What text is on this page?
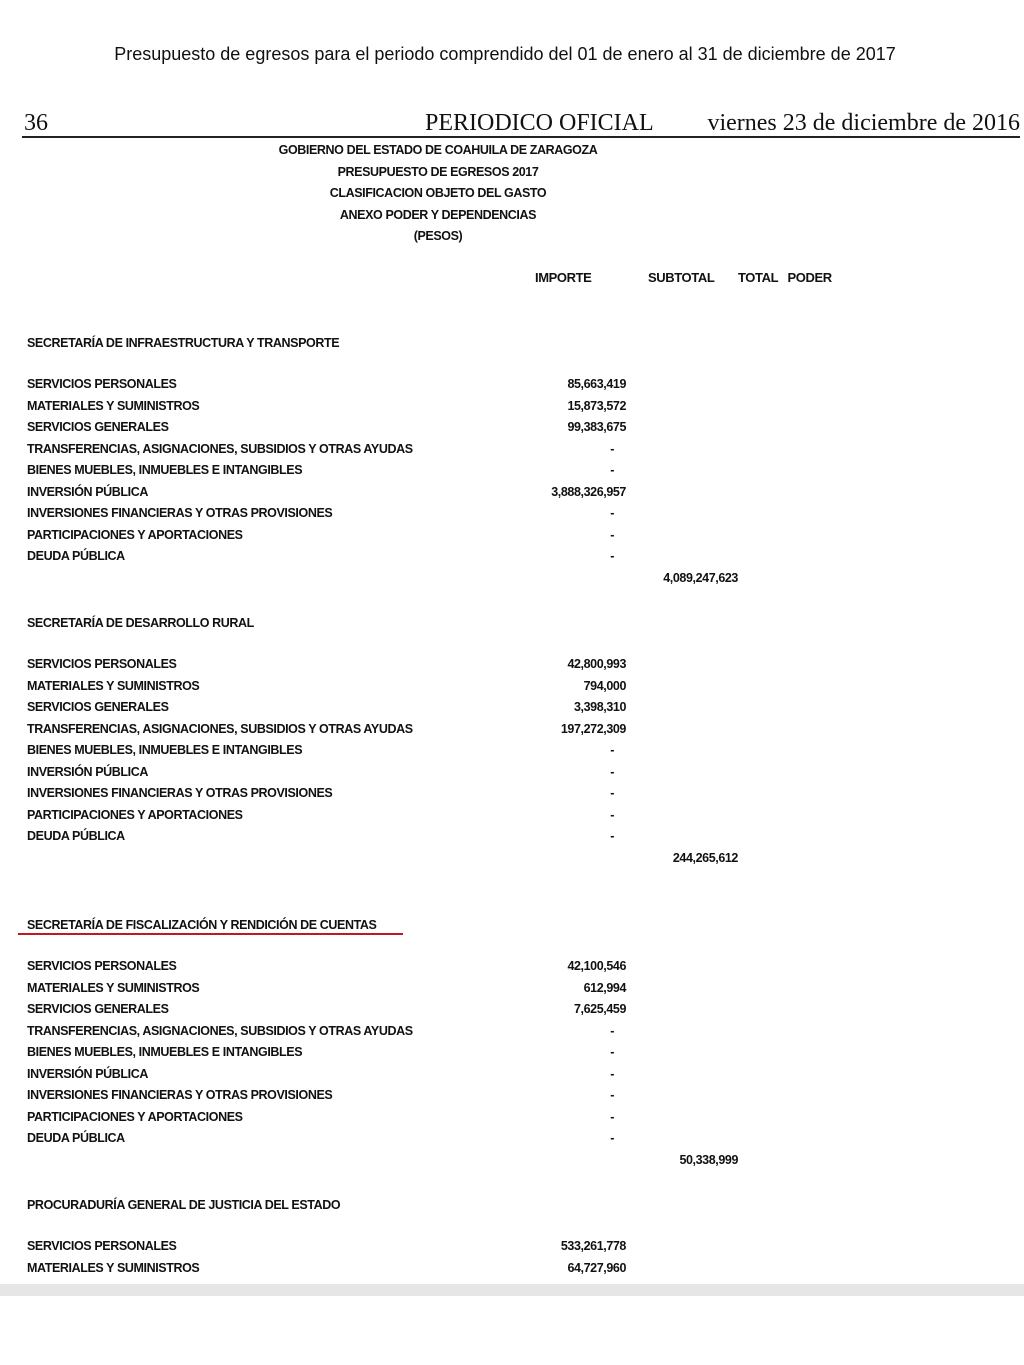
Presupuesto de egresos para el periodo comprendido del 01 de enero al 31 de diciembre de 2017
36	PERIODICO OFICIAL viernes 23 de diciembre de 2016
GOBIERNO DEL ESTADO DE COAHUILA DE ZARAGOZA
PRESUPUESTO DE EGRESOS 2017
CLASIFICACION OBJETO DEL GASTO
ANEXO PODER Y DEPENDENCIAS
(PESOS)
IMPORTE	SUBTOTAL TOTAL   PODER
SECRETARÍA DE INFRAESTRUCTURA Y TRANSPORTE
SERVICIOS PERSONALES	85,663,419
MATERIALES Y SUMINISTROS	15,873,572
SERVICIOS GENERALES	99,383,675
TRANSFERENCIAS, ASIGNACIONES, SUBSIDIOS Y OTRAS AYUDAS	-
BIENES MUEBLES, INMUEBLES E INTANGIBLES	-
INVERSIÓN PÚBLICA	3,888,326,957
INVERSIONES FINANCIERAS Y OTRAS PROVISIONES	-
PARTICIPACIONES Y APORTACIONES	-
DEUDA PÚBLICA	-
4,089,247,623
SECRETARÍA DE DESARROLLO RURAL
SERVICIOS PERSONALES	42,800,993
MATERIALES Y SUMINISTROS	794,000
SERVICIOS GENERALES	3,398,310
TRANSFERENCIAS, ASIGNACIONES, SUBSIDIOS Y OTRAS AYUDAS	197,272,309
BIENES MUEBLES, INMUEBLES E INTANGIBLES	-
INVERSIÓN PÚBLICA	-
INVERSIONES FINANCIERAS Y OTRAS PROVISIONES	-
PARTICIPACIONES Y APORTACIONES	-
DEUDA PÚBLICA	-
244,265,612
SECRETARÍA DE FISCALIZACIÓN Y RENDICIÓN DE CUENTAS
SERVICIOS PERSONALES	42,100,546
MATERIALES Y SUMINISTROS	612,994
SERVICIOS GENERALES	7,625,459
TRANSFERENCIAS, ASIGNACIONES, SUBSIDIOS Y OTRAS AYUDAS	-
BIENES MUEBLES, INMUEBLES E INTANGIBLES	-
INVERSIÓN PÚBLICA	-
INVERSIONES FINANCIERAS Y OTRAS PROVISIONES	-
PARTICIPACIONES Y APORTACIONES	-
DEUDA PÚBLICA	-
50,338,999
PROCURADURÍA GENERAL DE JUSTICIA DEL ESTADO
SERVICIOS PERSONALES	533,261,778
MATERIALES Y SUMINISTROS	64,727,960
